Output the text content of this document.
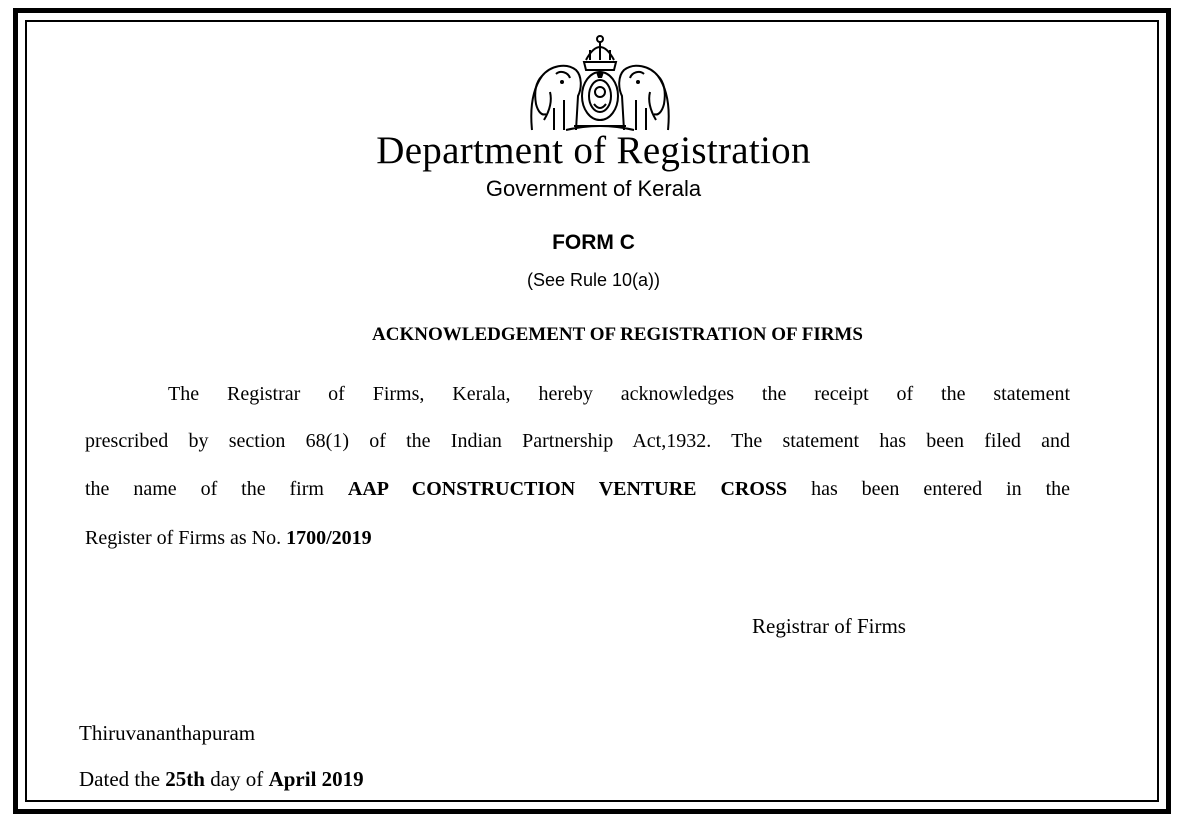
Department of Registration
Government of Kerala
FORM C
(See Rule 10(a))
ACKNOWLEDGEMENT OF REGISTRATION OF FIRMS
The Registrar of Firms, Kerala, hereby acknowledges the receipt of the statement
prescribed by section 68(1) of the Indian Partnership Act,1932. The statement has been filed and
the name of the firm AAP CONSTRUCTION VENTURE CROSS has been entered in the
Register of Firms as No. 1700/2019
Registrar of Firms
Thiruvananthapuram
Dated the 25th day of April 2019
